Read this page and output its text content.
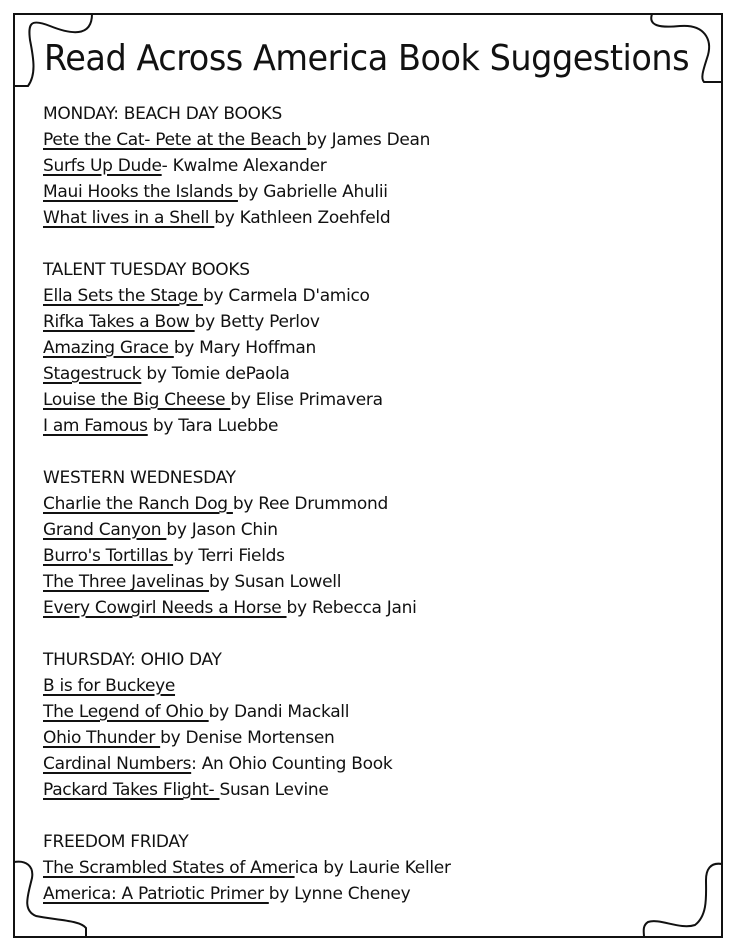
Read Across America Book Suggestions
MONDAY: BEACH DAY BOOKS
Pete the Cat- Pete at the Beach by James Dean
Surfs Up Dude- Kwalme Alexander
Maui Hooks the Islands by Gabrielle Ahulii
What lives in a Shell by Kathleen Zoehfeld
TALENT TUESDAY BOOKS
Ella Sets the Stage by Carmela D'amico
Rifka Takes a Bow by Betty Perlov
Amazing Grace by Mary Hoffman
Stagestruck by Tomie dePaola
Louise the Big Cheese by Elise Primavera
I am Famous by Tara Luebbe
WESTERN WEDNESDAY
Charlie the Ranch Dog by Ree Drummond
Grand Canyon by Jason Chin
Burro's Tortillas by Terri Fields
The Three Javelinas by Susan Lowell
Every Cowgirl Needs a Horse by Rebecca Jani
THURSDAY: OHIO DAY
B is for Buckeye
The Legend of Ohio by Dandi Mackall
Ohio Thunder by Denise Mortensen
Cardinal Numbers: An Ohio Counting Book
Packard Takes Flight- Susan Levine
FREEDOM FRIDAY
The Scrambled States of America by Laurie Keller
America: A Patriotic Primer by Lynne Cheney
